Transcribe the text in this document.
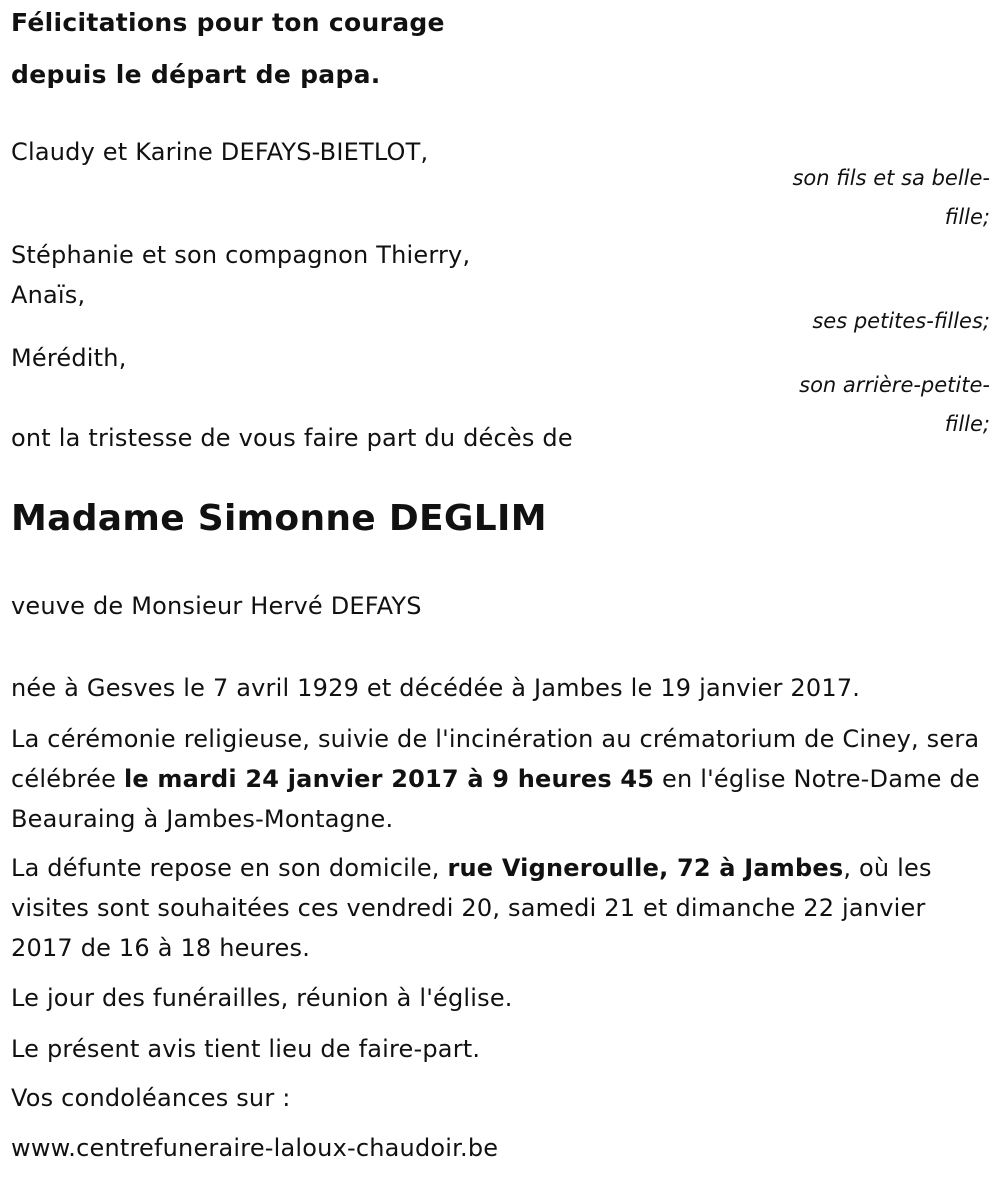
Félicitations pour ton courage
depuis le départ de papa.
Claudy et Karine DEFAYS-BIETLOT,
son fils et sa belle-
fille;
Stéphanie et son compagnon Thierry,
Anaïs,
ses petites-filles;
Mérédith,
son arrière-petite-
fille;
ont la tristesse de vous faire part du décès de
Madame Simonne DEGLIM
veuve de Monsieur Hervé DEFAYS
née à Gesves le 7 avril 1929 et décédée à Jambes le 19 janvier 2017.
La cérémonie religieuse, suivie de l'incinération au crématorium de Ciney, sera célébrée le mardi 24 janvier 2017 à 9 heures 45 en l'église Notre-Dame de Beauraing à Jambes-Montagne.
La défunte repose en son domicile, rue Vigneroulle, 72 à Jambes, où les visites sont souhaitées ces vendredi 20, samedi 21 et dimanche 22 janvier 2017 de 16 à 18 heures.
Le jour des funérailles, réunion à l'église.
Le présent avis tient lieu de faire-part.
Vos condoléances sur :
www.centrefuneraire-laloux-chaudoir.be
